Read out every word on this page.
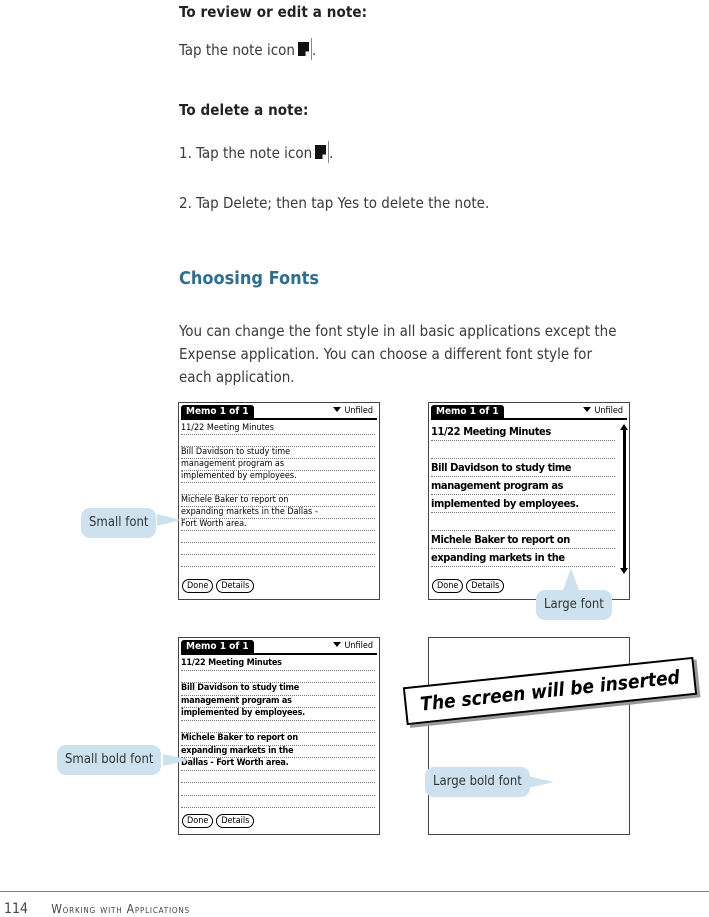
To review or edit a note:
Tap the note icon .
To delete a note:
1. Tap the note icon .
2. Tap Delete; then tap Yes to delete the note.
Choosing Fonts
You can change the font style in all basic applications except the
Expense application. You can choose a different font style for
each application.
Memo 1 of 1	Unfiled
11/22 Meeting Minutes

Bill Davidson to study time
management program as
implemented by employees.

Michele Baker to report on
expanding markets in the Dallas -
Fort Worth area.

Done Details
Memo 1 of 1	Unfiled
11/22 Meeting Minutes

Bill Davidson to study time
management program as
implemented by employees.

Michele Baker to report on
expanding markets in the
Done Details
Memo 1 of 1	Unfiled
11/22 Meeting Minutes

Bill Davidson to study time
management program as
implemented by employees.

Michele Baker to report on
expanding markets in the
Dallas - Fort Worth area.

Done Details
The screen will be inserted
Small font
Large font
Small bold font
Large bold font
114 Working with Applications
